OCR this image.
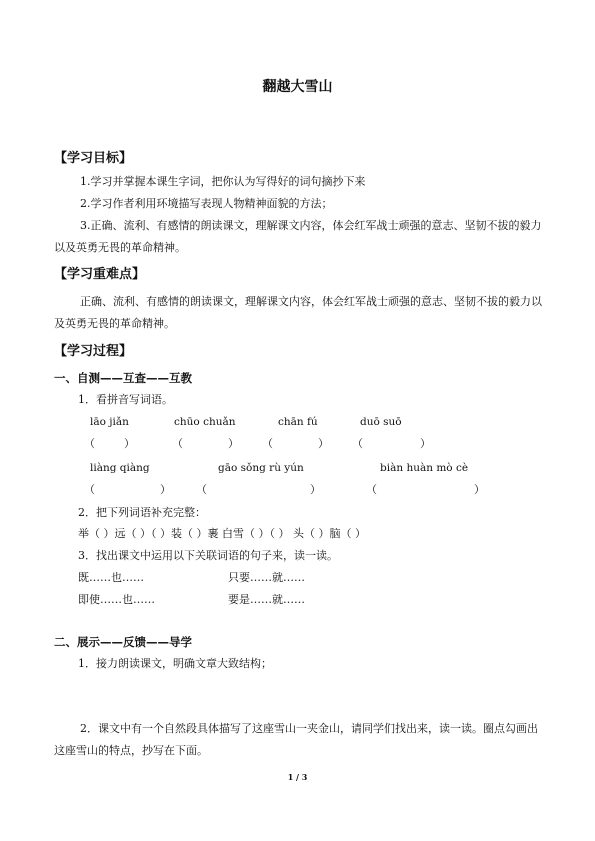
翻越大雪山
【学习目标】
1.学习并掌握本课生字词，把你认为写得好的词句摘抄下来
2.学习作者利用环境描写表现人物精神面貌的方法；
3.正确、流利、有感情的朗读课文，理解课文内容，体会红军战士顽强的意志、坚韧不拔的毅力以及英勇无畏的革命精神。
【学习重难点】
正确、流利、有感情的朗读课文，理解课文内容，体会红军战士顽强的意志、坚韧不拔的毅力以及英勇无畏的革命精神。
【学习过程】
一、自测——互查——互教
1．看拼音写词语。
lāo jiǎn	chūo chuǎn	chān fú	duō suō
（	）	（	） （	） （	）
liàng qiàng	gāo sǒng rù yún	biàn huàn mò cè
（	） （	）	（	）
2．把下列词语补充完整：
举（ ）远（ ）（ ）装（ ）裹 白雪（ ）（ ） 头（ ）脑（ ）
3．找出课文中运用以下关联词语的句子来，读一读。
既……也……	只要……就……
即使……也……	要是……就……
二、展示——反馈——导学
1．接力朗读课文，明确文章大致结构；
2．课文中有一个自然段具体描写了这座雪山一夹金山，请同学们找出来，读一读。圈点勾画出这座雪山的特点，抄写在下面。
1 / 3
